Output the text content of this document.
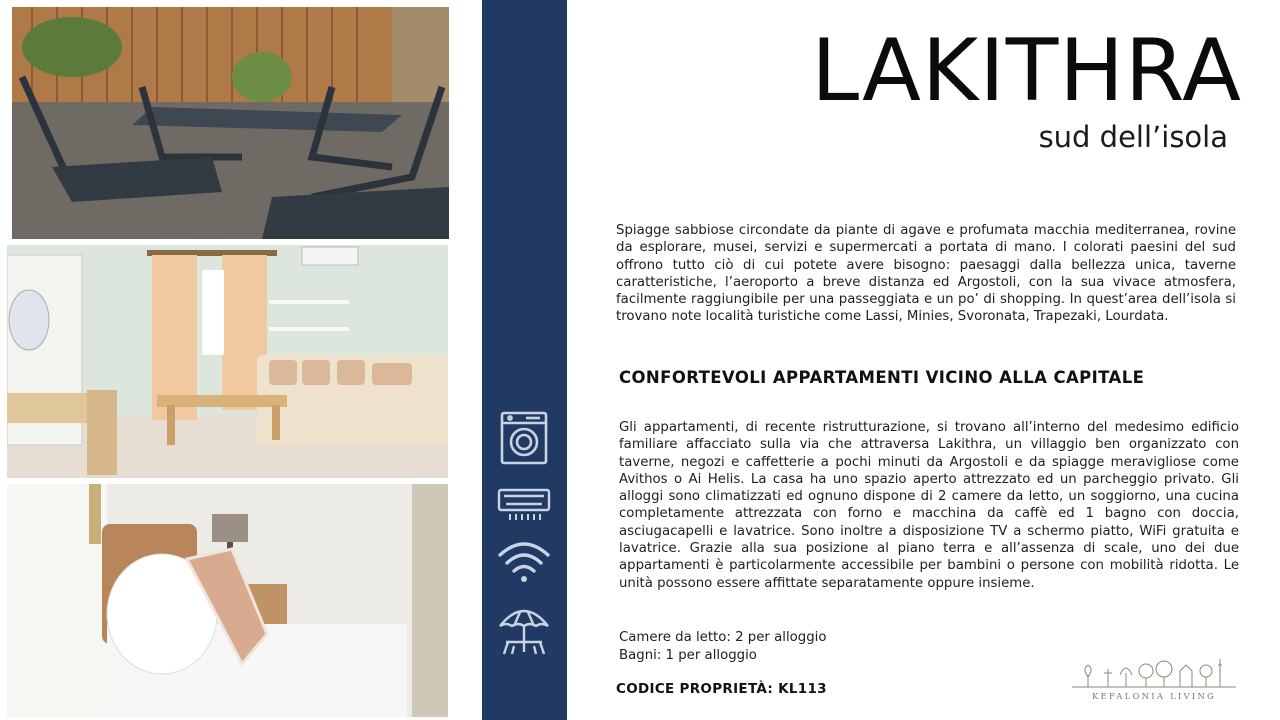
LAKITHRA
sud dell’isola

Spiagge sabbiose circondate da piante di agave e profumata macchia mediterranea, rovine da esplorare, musei, servizi e supermercati a portata di mano. I colorati paesini del sud offrono tutto ciò di cui potete avere bisogno: paesaggi dalla bellezza unica, taverne caratteristiche, l’aeroporto a breve distanza ed Argostoli, con la sua vivace atmosfera, facilmente raggiungibile per una passeggiata e un po’ di shopping. In quest’area dell’isola si trovano note località turistiche come Lassi, Minies, Svoronata, Trapezaki, Lourdata.

CONFORTEVOLI APPARTAMENTI VICINO ALLA CAPITALE

Gli appartamenti, di recente ristrutturazione, si trovano all’interno del medesimo edificio familiare affacciato sulla via che attraversa Lakithra, un villaggio ben organizzato con taverne, negozi e caffetterie a pochi minuti da Argostoli e da spiagge meravigliose come Avithos o Ai Helis. La casa ha uno spazio aperto attrezzato ed un parcheggio privato. Gli alloggi sono climatizzati ed ognuno dispone di 2 camere da letto, un soggiorno, una cucina completamente attrezzata con forno e macchina da caffè ed 1 bagno con doccia, asciugacapelli e lavatrice. Sono inoltre a disposizione TV a schermo piatto, WiFi gratuita e lavatrice. Grazie alla sua posizione al piano terra e all’assenza di scale, uno dei due appartamenti è particolarmente accessibile per bambini o persone con mobilità ridotta. Le unità possono essere affittate separatamente oppure insieme.

Camere da letto: 2 per alloggio
Bagni: 1 per alloggio
CODICE PROPRIETÀ: KL113	KEFALONIA LIVING
